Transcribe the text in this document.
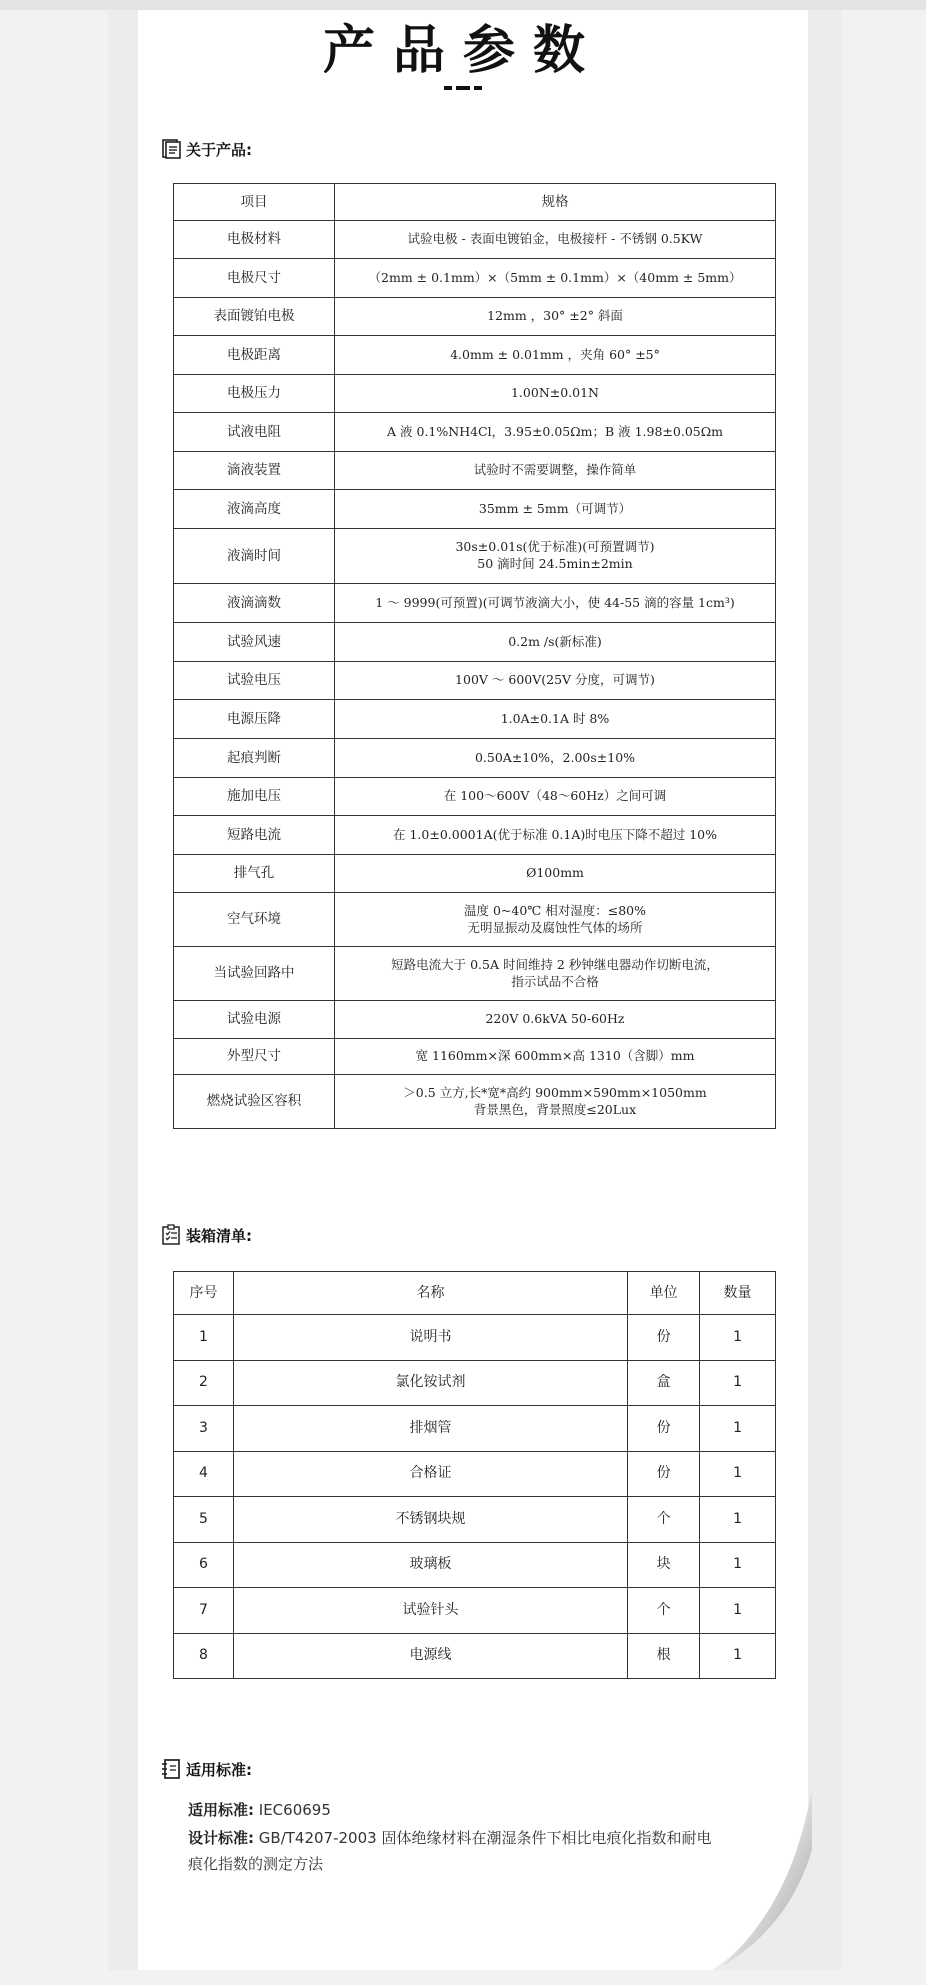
产品参数
关于产品:
项目	规格
电极材料	试验电极 - 表面电镀铂金，电极接杆 - 不锈钢 0.5KW

电极尺寸	（2mm ± 0.1mm）×（5mm ± 0.1mm）×（40mm ± 5mm）

表面镀铂电极	12mm ，30° ±2° 斜面

电极距离	4.0mm ± 0.01mm ，夹角 60° ±5°

电极压力	1.00N±0.01N

试液电阻	A 液 0.1%NH4Cl，3.95±0.05Ωm；B 液 1.98±0.05Ωm

滴液装置	试验时不需要调整，操作简单

液滴高度	35mm ± 5mm（可调节）

液滴时间	30s±0.01s(优于标准)(可预置调节)
50 滴时间 24.5min±2min

液滴滴数	1 ～ 9999(可预置)(可调节液滴大小，使 44-55 滴的容量 1cm³)

试验风速	0.2m /s(新标准)

试验电压	100V ～ 600V(25V 分度，可调节)

电源压降	1.0A±0.1A 时 8%

起痕判断	0.50A±10%，2.00s±10%

施加电压	在 100～600V（48～60Hz）之间可调

短路电流	在 1.0±0.0001A(优于标准 0.1A)时电压下降不超过 10%

排气孔	Ø100mm

空气环境	温度 0~40℃ 相对湿度：≤80%
无明显振动及腐蚀性气体的场所

当试验回路中	短路电流大于 0.5A 时间维持 2 秒钟继电器动作切断电流，
指示试品不合格

试验电源	220V 0.6kVA 50-60Hz

外型尺寸	宽 1160mm×深 600mm×高 1310（含脚）mm

燃烧试验区容积	＞0.5 立方,长*宽*高约 900mm×590mm×1050mm
背景黑色，背景照度≤20Lux
装箱清单:
序号	名称	单位	数量
1	说明书	份	1
2	氯化铵试剂	盒	1
3	排烟管	份	1
4	合格证	份	1
5	不锈钢块规	个	1
6	玻璃板	块	1
7	试验针头	个	1
8	电源线	根	1
适用标准:
适用标准: IEC60695
设计标准: GB/T4207-2003 固体绝缘材料在潮湿条件下相比电痕化指数和耐电
痕化指数的测定方法
